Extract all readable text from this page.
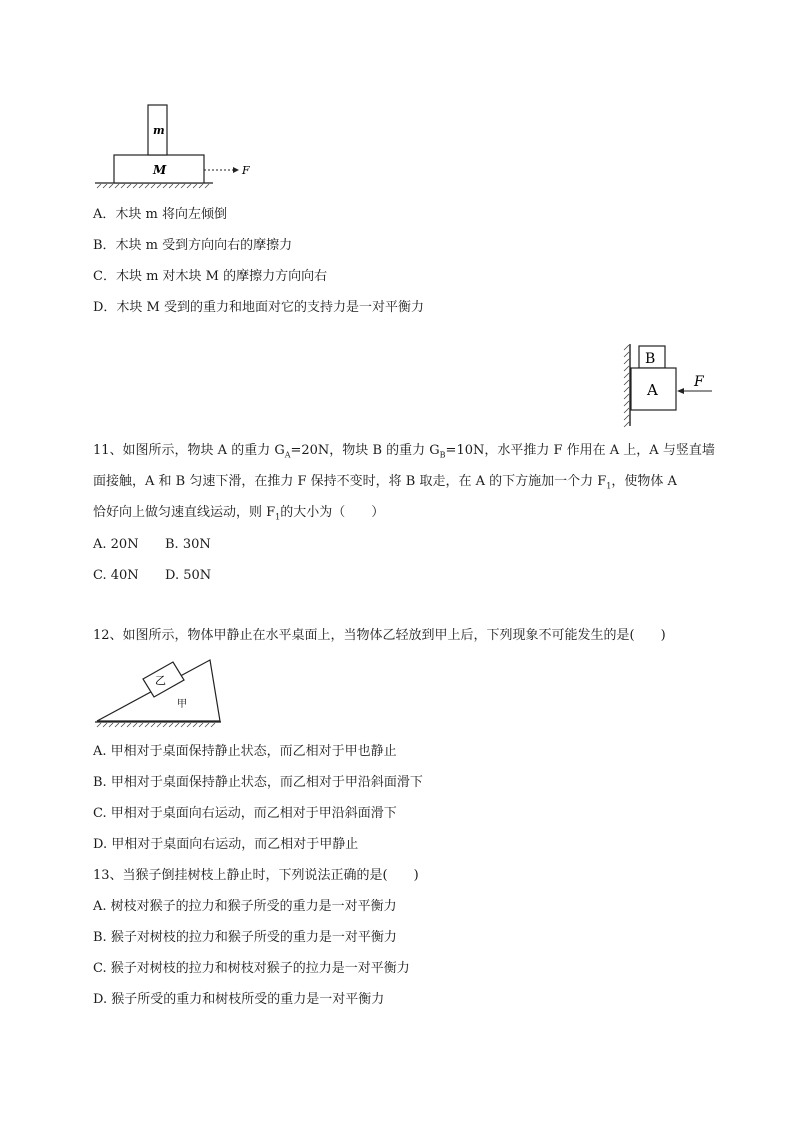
m
M	F
A．木块 m 将向左倾倒
B．木块 m 受到方向向右的摩擦力
C．木块 m 对木块 M 的摩擦力方向向右
D．木块 M 受到的重力和地面对它的支持力是一对平衡力
B
A	F
11、如图所示，物块 A 的重力 $G_A=20N$，物块 B 的重力 $G_B=10N$，水平推力 F 作用在 A 上，A 与竖直墙
面接触，A 和 B 匀速下滑，在推力 F 保持不变时，将 B 取走，在 A 的下方施加一个力 $F_1$，使物体 A
恰好向上做匀速直线运动，则 $F_1$的大小为（　　）
A. 20N B. 30N
C. 40N D. 50N
12、如图所示，物体甲静止在水平桌面上，当物体乙轻放到甲上后，下列现象不可能发生的是(　　)
乙
甲
A. 甲相对于桌面保持静止状态，而乙相对于甲也静止
B. 甲相对于桌面保持静止状态，而乙相对于甲沿斜面滑下
C. 甲相对于桌面向右运动，而乙相对于甲沿斜面滑下
D. 甲相对于桌面向右运动，而乙相对于甲静止
13、当猴子倒挂树枝上静止时，下列说法正确的是(　　)
A. 树枝对猴子的拉力和猴子所受的重力是一对平衡力
B. 猴子对树枝的拉力和猴子所受的重力是一对平衡力
C. 猴子对树枝的拉力和树枝对猴子的拉力是一对平衡力
D. 猴子所受的重力和树枝所受的重力是一对平衡力
